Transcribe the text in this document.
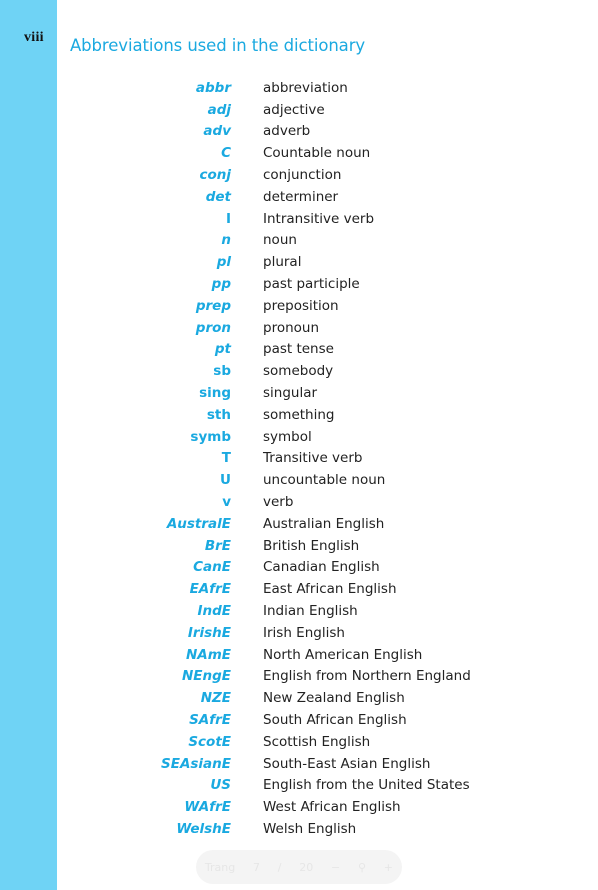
viii	Abbreviations used in the dictionary
abbr abbreviation
adj adjective
adv adverb
C Countable noun
conj conjunction
det determiner
I Intransitive verb
n noun
pl plural
pp past participle
prep preposition
pron pronoun
pt past tense
sb somebody
sing singular
sth something
symb symbol
T Transitive verb
U uncountable noun
v verb
AustralE Australian English
BrE British English
CanE Canadian English
EAfrE East African English
IndE Indian English
IrishE Irish English
NAmE North American English
NEngE English from Northern England
NZE New Zealand English
SAfrE South African English
ScotE Scottish English
SEAsianE South-East Asian English
US English from the United States
WAfrE West African English
WelshE Welsh English
Trang 7 / 20 − ⚲ +
